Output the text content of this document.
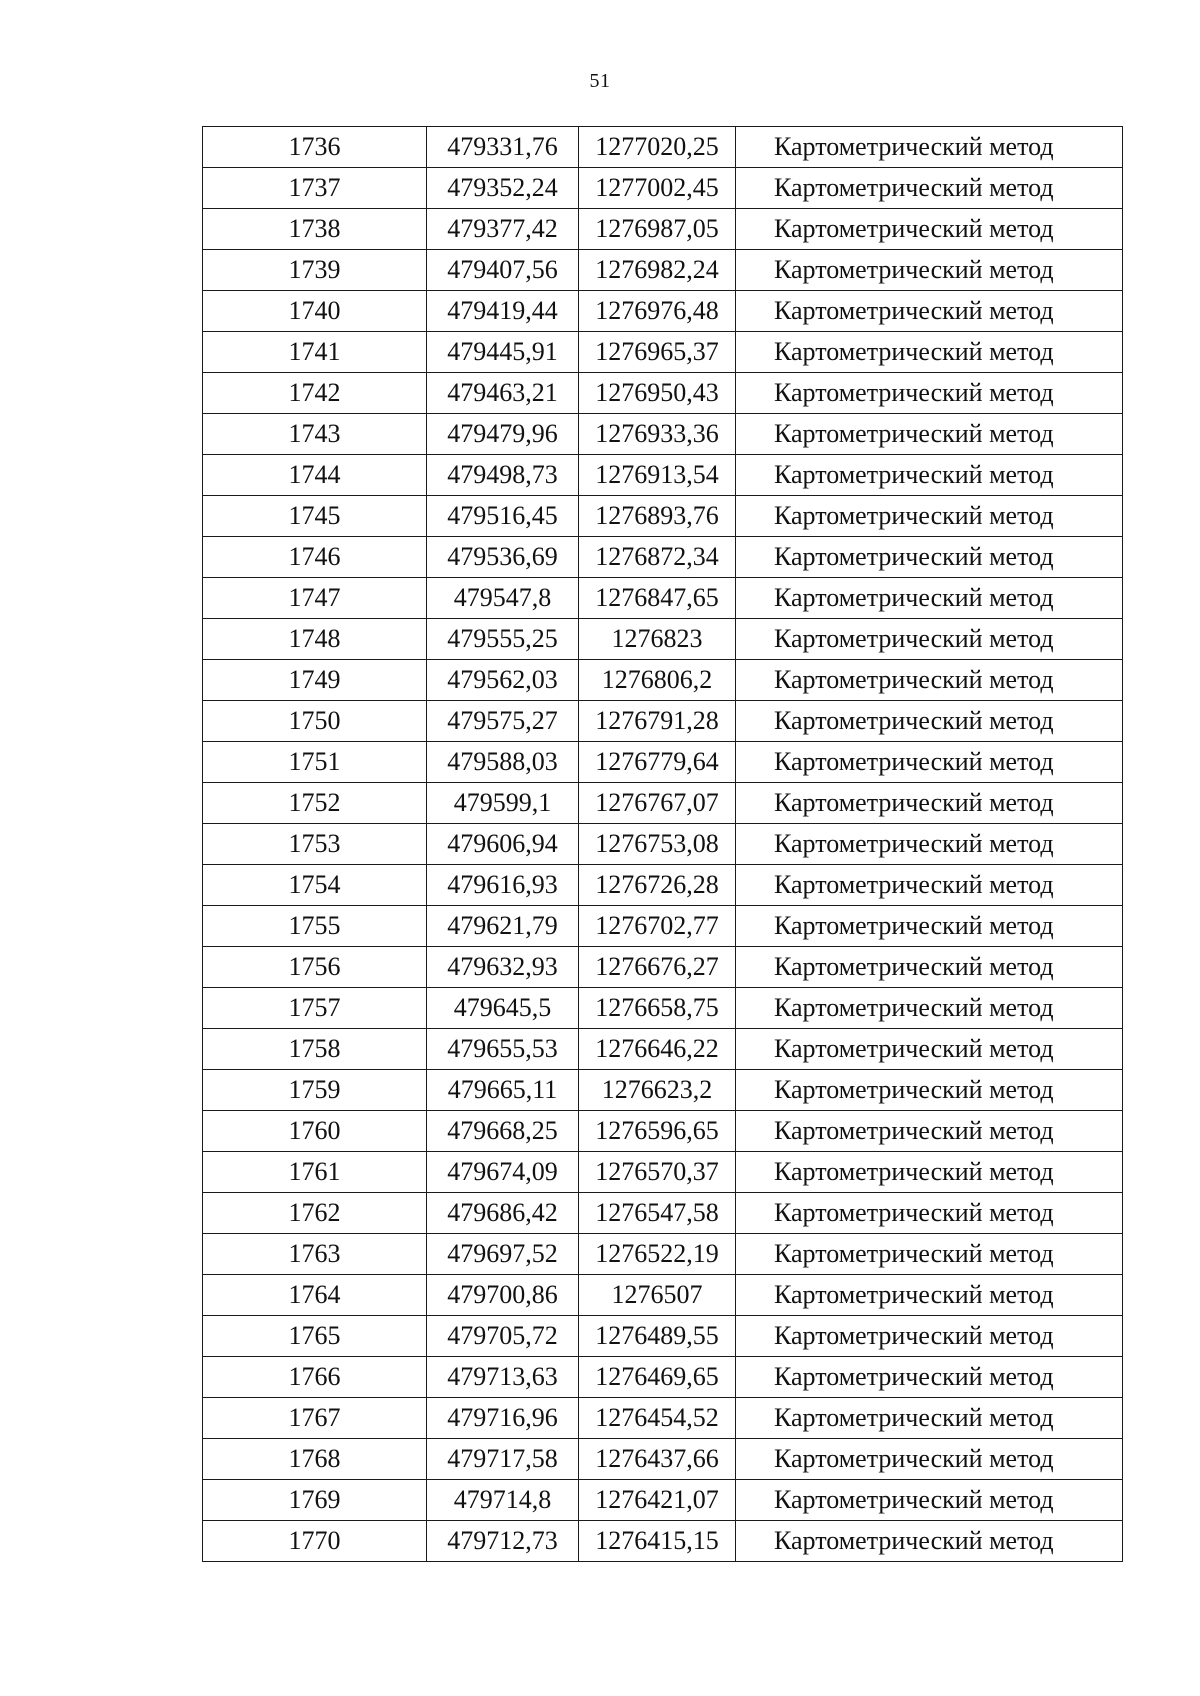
51
1736	479331,76	1277020,25	Картометрический метод
1737	479352,24	1277002,45	Картометрический метод
1738	479377,42	1276987,05	Картометрический метод
1739	479407,56	1276982,24	Картометрический метод
1740	479419,44	1276976,48	Картометрический метод
1741	479445,91	1276965,37	Картометрический метод
1742	479463,21	1276950,43	Картометрический метод
1743	479479,96	1276933,36	Картометрический метод
1744	479498,73	1276913,54	Картометрический метод
1745	479516,45	1276893,76	Картометрический метод
1746	479536,69	1276872,34	Картометрический метод
1747	479547,8	1276847,65	Картометрический метод
1748	479555,25	1276823	Картометрический метод
1749	479562,03	1276806,2	Картометрический метод
1750	479575,27	1276791,28	Картометрический метод
1751	479588,03	1276779,64	Картометрический метод
1752	479599,1	1276767,07	Картометрический метод
1753	479606,94	1276753,08	Картометрический метод
1754	479616,93	1276726,28	Картометрический метод
1755	479621,79	1276702,77	Картометрический метод
1756	479632,93	1276676,27	Картометрический метод
1757	479645,5	1276658,75	Картометрический метод
1758	479655,53	1276646,22	Картометрический метод
1759	479665,11	1276623,2	Картометрический метод
1760	479668,25	1276596,65	Картометрический метод
1761	479674,09	1276570,37	Картометрический метод
1762	479686,42	1276547,58	Картометрический метод
1763	479697,52	1276522,19	Картометрический метод
1764	479700,86	1276507	Картометрический метод
1765	479705,72	1276489,55	Картометрический метод
1766	479713,63	1276469,65	Картометрический метод
1767	479716,96	1276454,52	Картометрический метод
1768	479717,58	1276437,66	Картометрический метод
1769	479714,8	1276421,07	Картометрический метод
1770	479712,73	1276415,15	Картометрический метод
